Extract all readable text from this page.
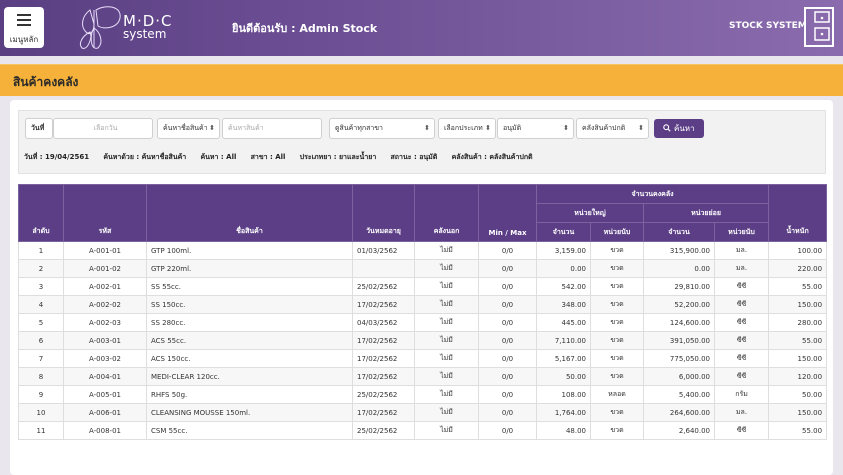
เมนูหลัก
M·D·C
system	ยินดีต้อนรับ : Admin Stock	STOCK SYSTEM
สินค้าคงคลัง
วันที่	เลือกวัน	ค้นหาชื่อสินค้า ⬍	ค้นหาสินค้า	ดูสินค้าทุกสาขา	⬍	เลือกประเภท ⬍	อนุมัติ	⬍	คลังสินค้าปกติ ⬍	ค้นหา
วันที่ : 19/04/2561 ค้นหาด้วย : ค้นหาชื่อสินค้า ค้นหา : All สาขา : All ประเภทยา : ยาและน้ำยา สถานะ : อนุมัติ คลังสินค้า : คลังสินค้าปกติ
ลำดับ	รหัส	ชื่อสินค้า	วันหมดอายุ	คลังนอก	Min / Max	จำนวนคงคลัง				น้ำหนัก
						หน่วยใหญ่		หน่วยย่อย		
						จำนวน	หน่วยนับ	จำนวน	หน่วยนับ	
1	A-001-01	GTP 100ml.	01/03/2562	ไม่มี	0/0	3,159.00	ขวด	315,900.00	มล.	100.00
2	A-001-02	GTP 220ml.		ไม่มี	0/0	0.00	ขวด	0.00	มล.	220.00
3	A-002-01	SS 55cc.	25/02/2562	ไม่มี	0/0	542.00	ขวด	29,810.00	ซีซี	55.00
4	A-002-02	SS 150cc.	17/02/2562	ไม่มี	0/0	348.00	ขวด	52,200.00	ซีซี	150.00
5	A-002-03	SS 280cc.	04/03/2562	ไม่มี	0/0	445.00	ขวด	124,600.00	ซีซี	280.00
6	A-003-01	ACS 55cc.	17/02/2562	ไม่มี	0/0	7,110.00	ขวด	391,050.00	ซีซี	55.00
7	A-003-02	ACS 150cc.	17/02/2562	ไม่มี	0/0	5,167.00	ขวด	775,050.00	ซีซี	150.00
8	A-004-01	MEDI-CLEAR 120cc.	17/02/2562	ไม่มี	0/0	50.00	ขวด	6,000.00	ซีซี	120.00
9	A-005-01	RHFS 50g.	25/02/2562	ไม่มี	0/0	108.00	หลอด	5,400.00	กรัม	50.00
10	A-006-01	CLEANSING MOUSSE 150ml.	17/02/2562	ไม่มี	0/0	1,764.00	ขวด	264,600.00	มล.	150.00
11	A-008-01	CSM 55cc.	25/02/2562	ไม่มี	0/0	48.00	ขวด	2,640.00	ซีซี	55.00
